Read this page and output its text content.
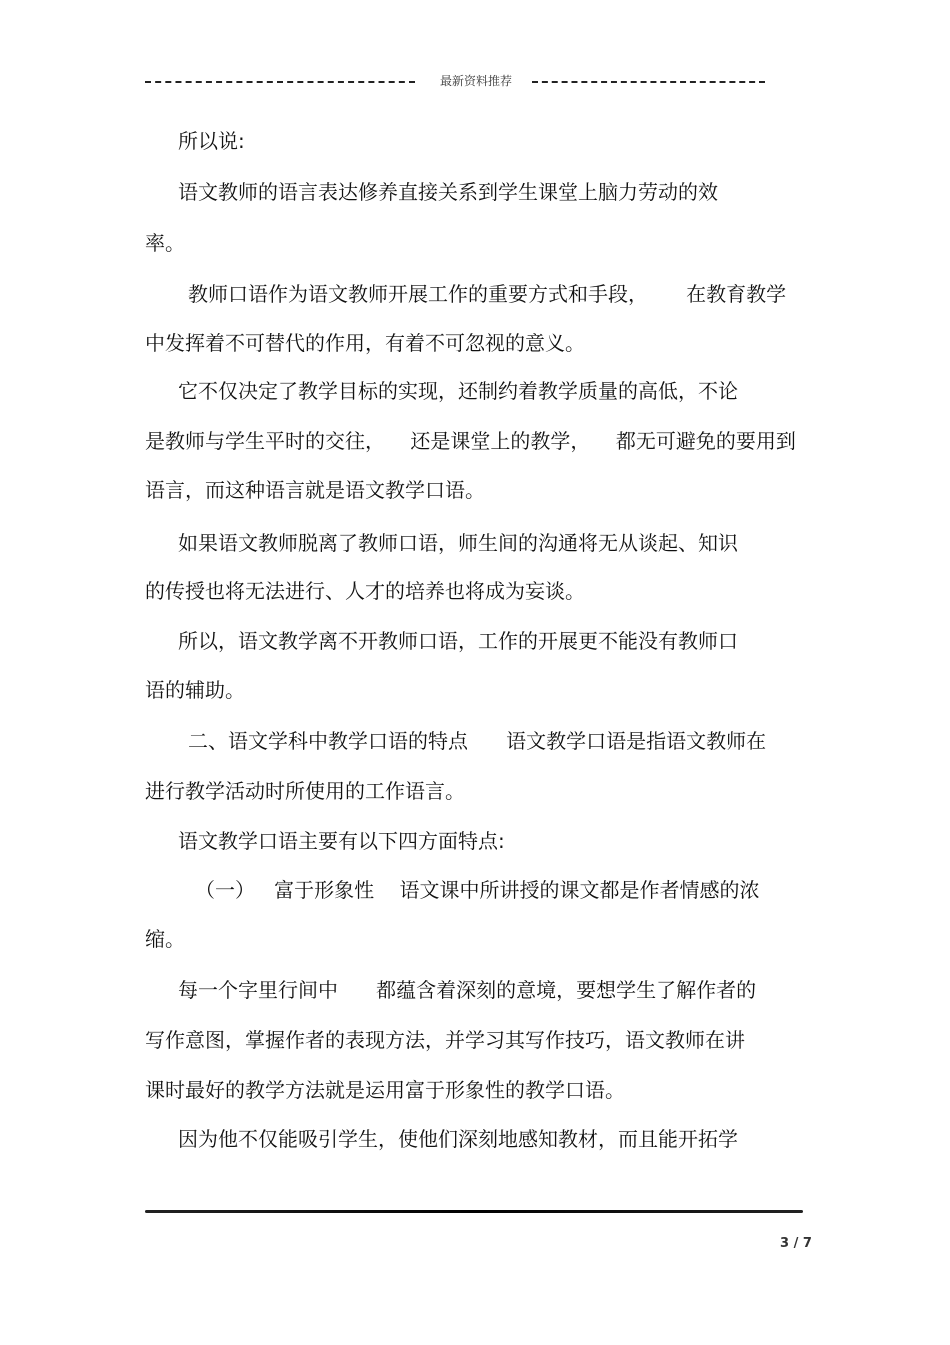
最新资料推荐
所以说:
语文教师的语言表达修养直接关系到学生课堂上脑力劳动的效
率。
教师口语作为语文教师开展工作的重要方式和手段，      在教育教学
中发挥着不可替代的作用，有着不可忽视的意义。
它不仅决定了教学目标的实现，还制约着教学质量的高低，不论
是教师与学生平时的交往，    还是课堂上的教学，    都无可避免的要用到
语言，而这种语言就是语文教学口语。
如果语文教师脱离了教师口语，师生间的沟通将无从谈起、知识
的传授也将无法进行、人才的培养也将成为妄谈。
所以，语文教学离不开教师口语，工作的开展更不能没有教师口
语的辅助。
二、语文学科中教学口语的特点      语文教学口语是指语文教师在
进行教学活动时所使用的工作语言。
语文教学口语主要有以下四方面特点:
（一）   富于形象性    语文课中所讲授的课文都是作者情感的浓
缩。
每一个字里行间中      都蕴含着深刻的意境，要想学生了解作者的
写作意图，掌握作者的表现方法，并学习其写作技巧，语文教师在讲
课时最好的教学方法就是运用富于形象性的教学口语。
因为他不仅能吸引学生，使他们深刻地感知教材，而且能开拓学
3 / 7
